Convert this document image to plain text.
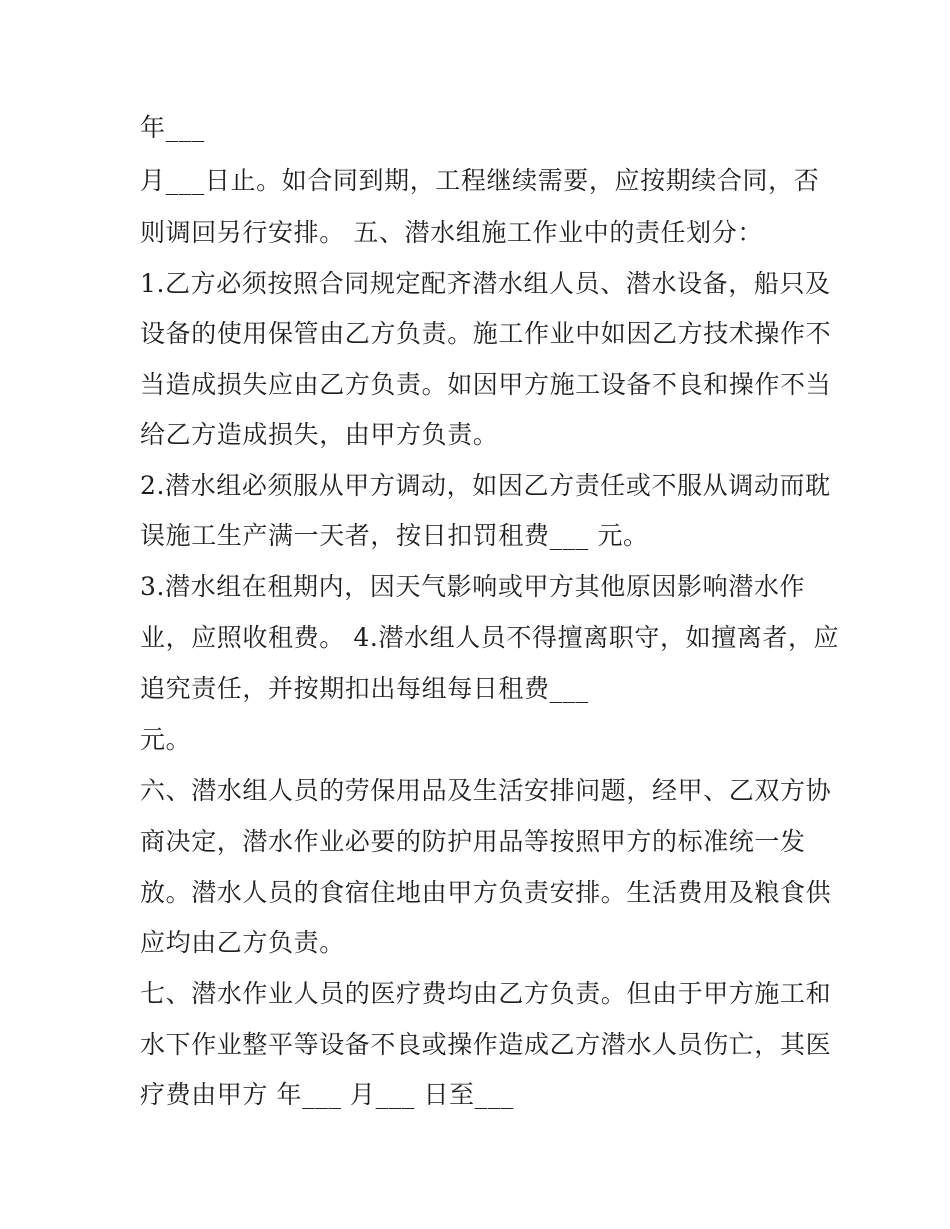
年___
月___日止。如合同到期，工程继续需要，应按期续合同，否
则调回另行安排。 五、潜水组施工作业中的责任划分：
1.乙方必须按照合同规定配齐潜水组人员、潜水设备，船只及
设备的使用保管由乙方负责。施工作业中如因乙方技术操作不
当造成损失应由乙方负责。如因甲方施工设备不良和操作不当
给乙方造成损失，由甲方负责。
2.潜水组必须服从甲方调动，如因乙方责任或不服从调动而耽
误施工生产满一天者，按日扣罚租费___ 元。
3.潜水组在租期内，因天气影响或甲方其他原因影响潜水作
业，应照收租费。 4.潜水组人员不得擅离职守，如擅离者，应
追究责任，并按期扣出每组每日租费___
元。
六、潜水组人员的劳保用品及生活安排问题，经甲、乙双方协
商决定，潜水作业必要的防护用品等按照甲方的标准统一发
放。潜水人员的食宿住地由甲方负责安排。生活费用及粮食供
应均由乙方负责。
七、潜水作业人员的医疗费均由乙方负责。但由于甲方施工和
水下作业整平等设备不良或操作造成乙方潜水人员伤亡，其医
疗费由甲方 年___ 月___ 日至___
